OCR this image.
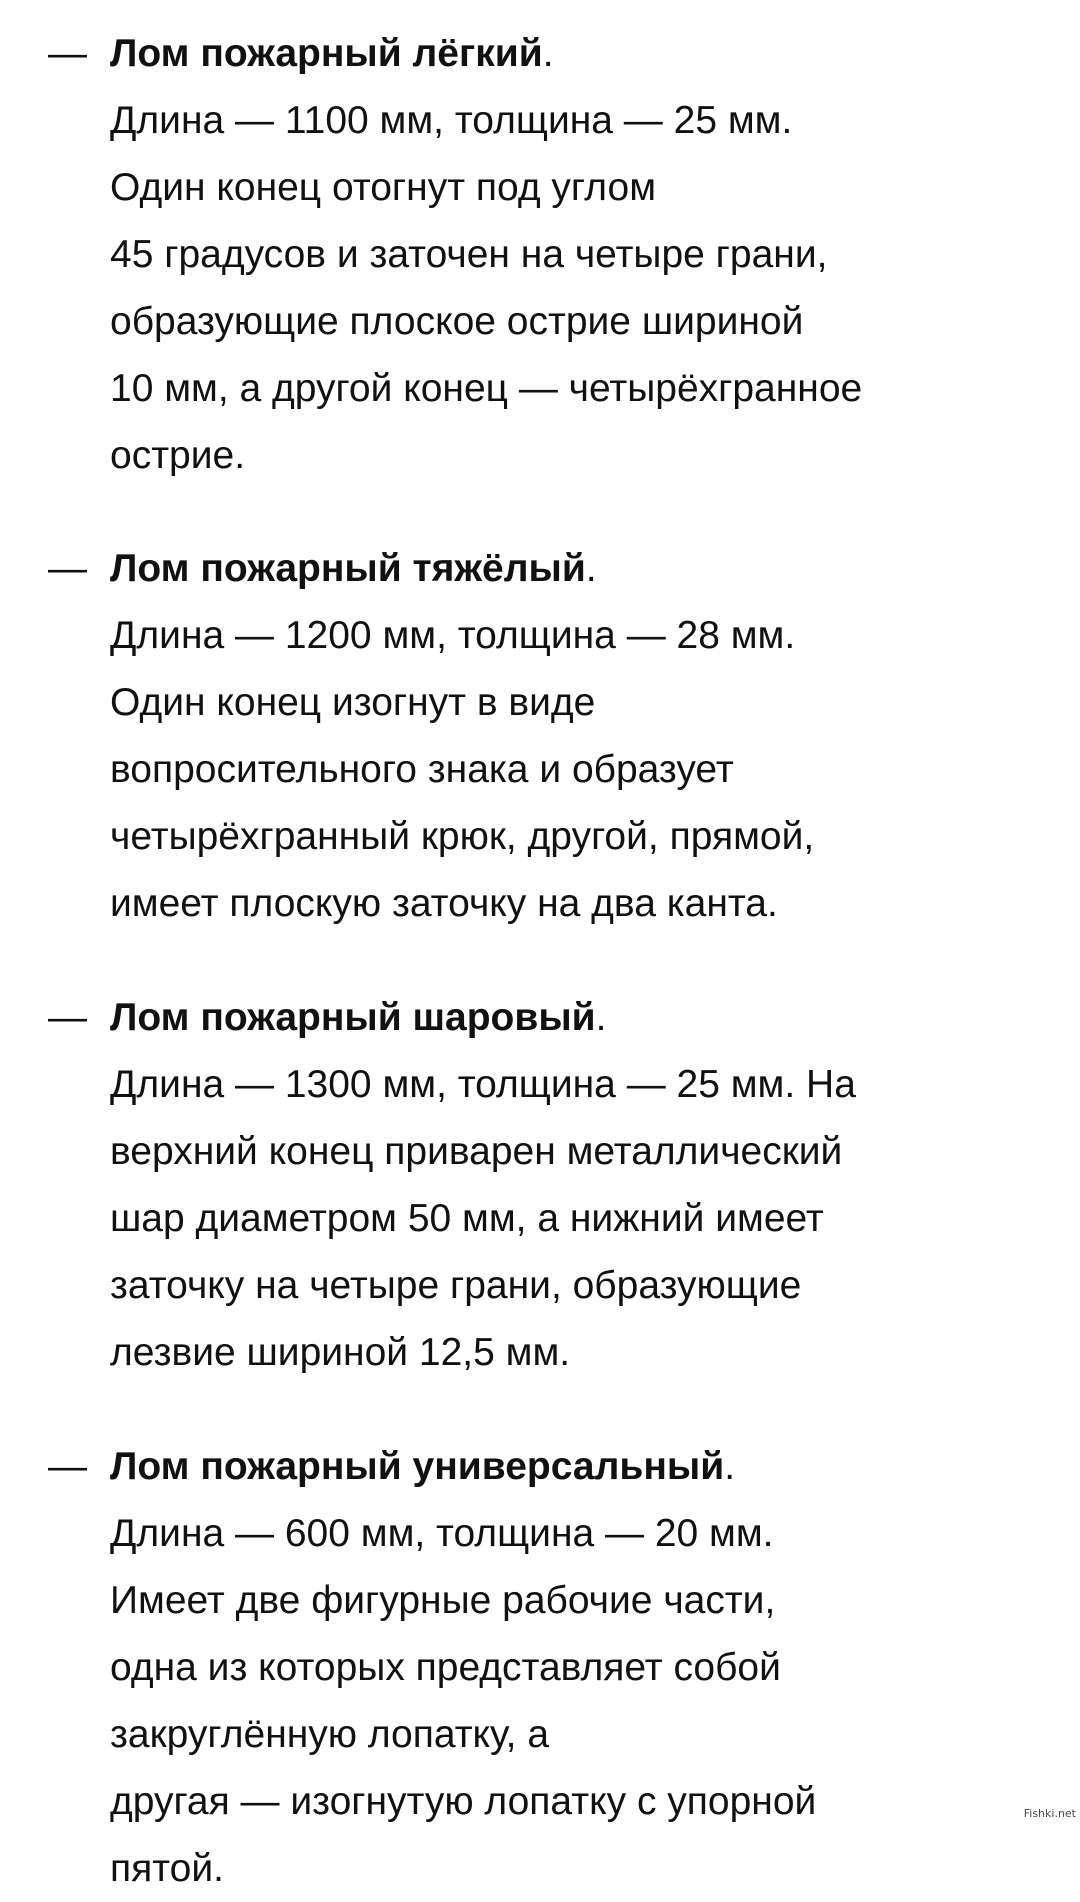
— Лом пожарный лёгкий.
Длина — 1100 мм, толщина — 25 мм.
Один конец отогнут под углом
45 градусов и заточен на четыре грани,
образующие плоское острие шириной
10 мм, а другой конец — четырёхгранное
острие.
— Лом пожарный тяжёлый.
Длина — 1200 мм, толщина — 28 мм.
Один конец изогнут в виде
вопросительного знака и образует
четырёхгранный крюк, другой, прямой,
имеет плоскую заточку на два канта.
— Лом пожарный шаровый.
Длина — 1300 мм, толщина — 25 мм. На
верхний конец приварен металлический
шар диаметром 50 мм, а нижний имеет
заточку на четыре грани, образующие
лезвие шириной 12,5 мм.
— Лом пожарный универсальный.
Длина — 600 мм, толщина — 20 мм.
Имеет две фигурные рабочие части,
одна из которых представляет собой
закруглённую лопатку, а
другая — изогнутую лопатку с упорной
пятой.
Fishki.net
